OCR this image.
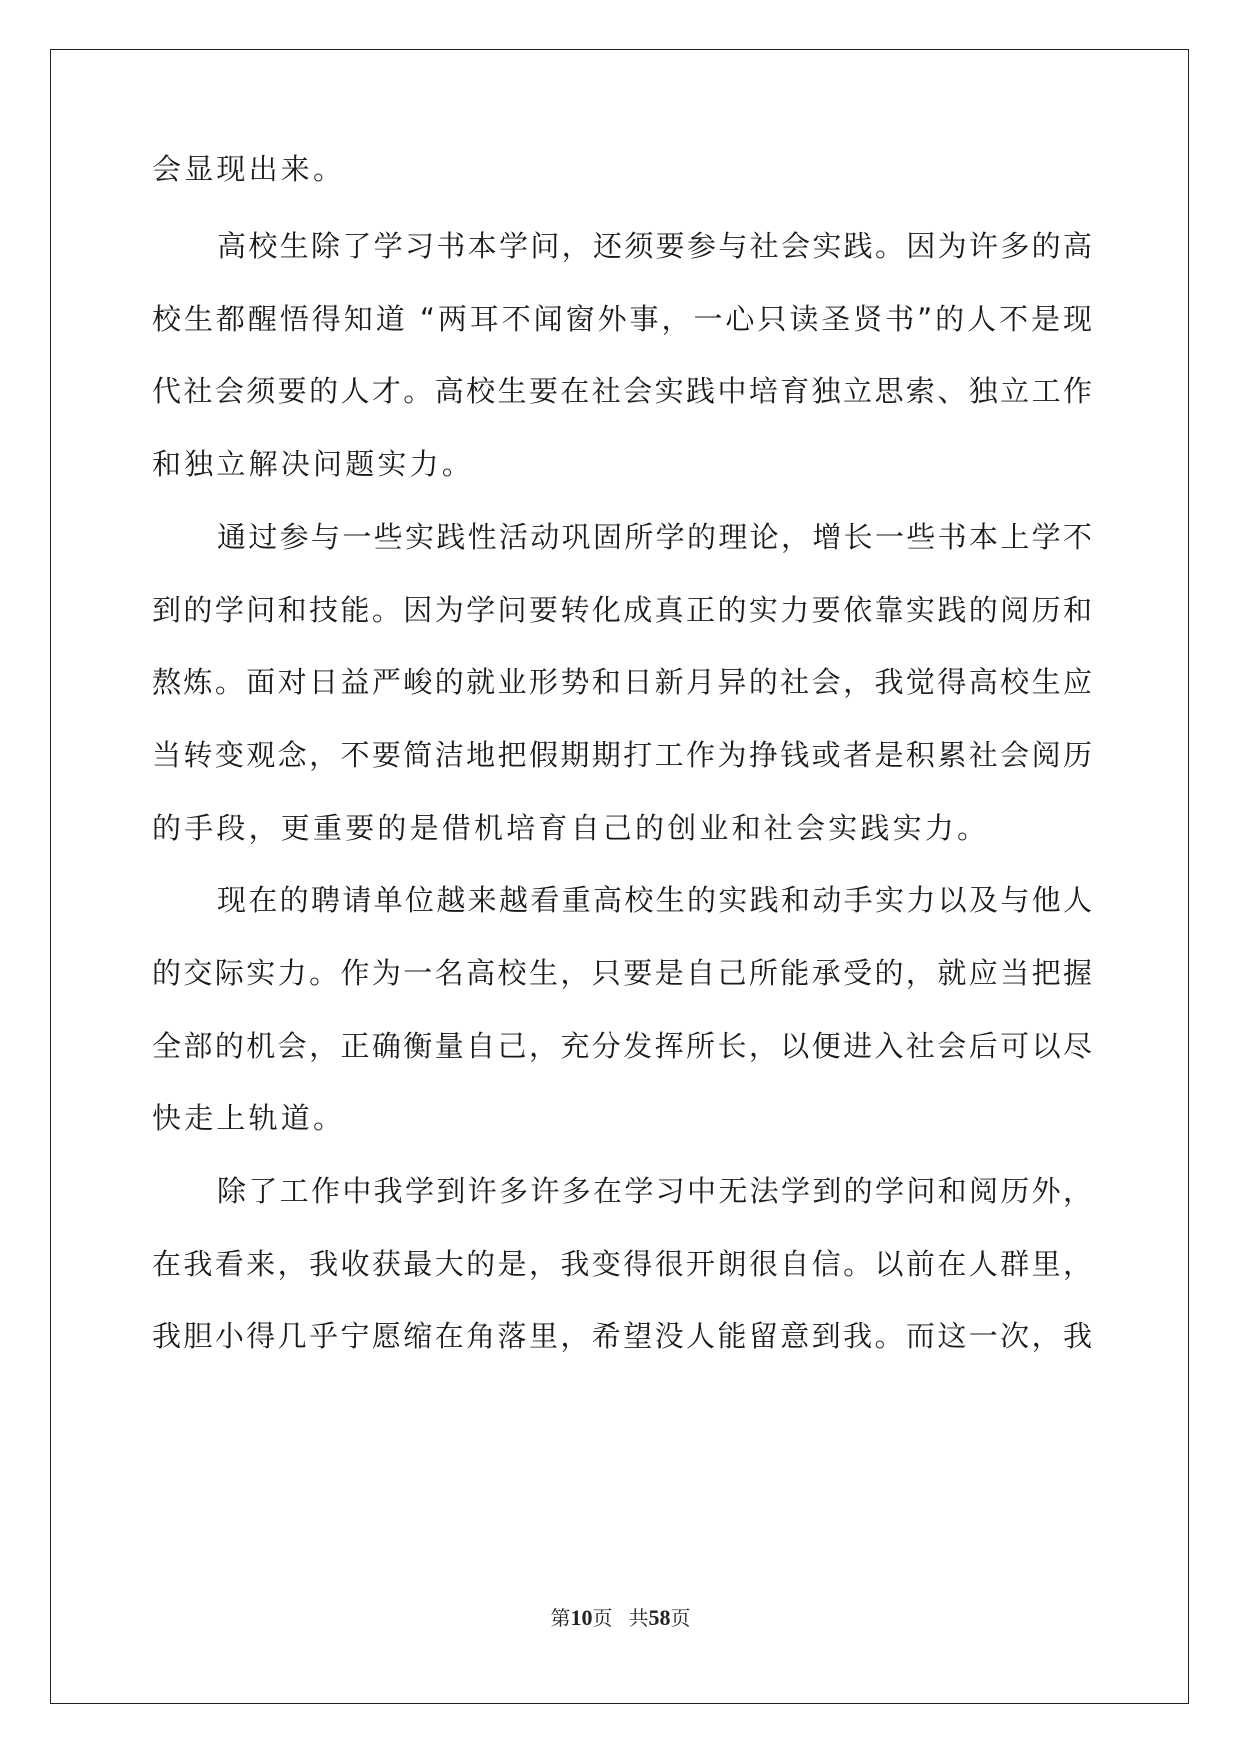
会显现出来。
高校生除了学习书本学问，还须要参与社会实践。因为许多的高
校生都醒悟得知道 “两耳不闻窗外事，一心只读圣贤书”的人不是现
代社会须要的人才。高校生要在社会实践中培育独立思索、独立工作
和独立解决问题实力。
通过参与一些实践性活动巩固所学的理论，增长一些书本上学不
到的学问和技能。因为学问要转化成真正的实力要依靠实践的阅历和
熬炼。面对日益严峻的就业形势和日新月异的社会，我觉得高校生应
当转变观念，不要简洁地把假期期打工作为挣钱或者是积累社会阅历
的手段，更重要的是借机培育自己的创业和社会实践实力。
现在的聘请单位越来越看重高校生的实践和动手实力以及与他人
的交际实力。作为一名高校生，只要是自己所能承受的，就应当把握
全部的机会，正确衡量自己，充分发挥所长，以便进入社会后可以尽
快走上轨道。
除了工作中我学到许多许多在学习中无法学到的学问和阅历外，
在我看来，我收获最大的是，我变得很开朗很自信。以前在人群里，
我胆小得几乎宁愿缩在角落里，希望没人能留意到我。而这一次，我
第10页 共58页
